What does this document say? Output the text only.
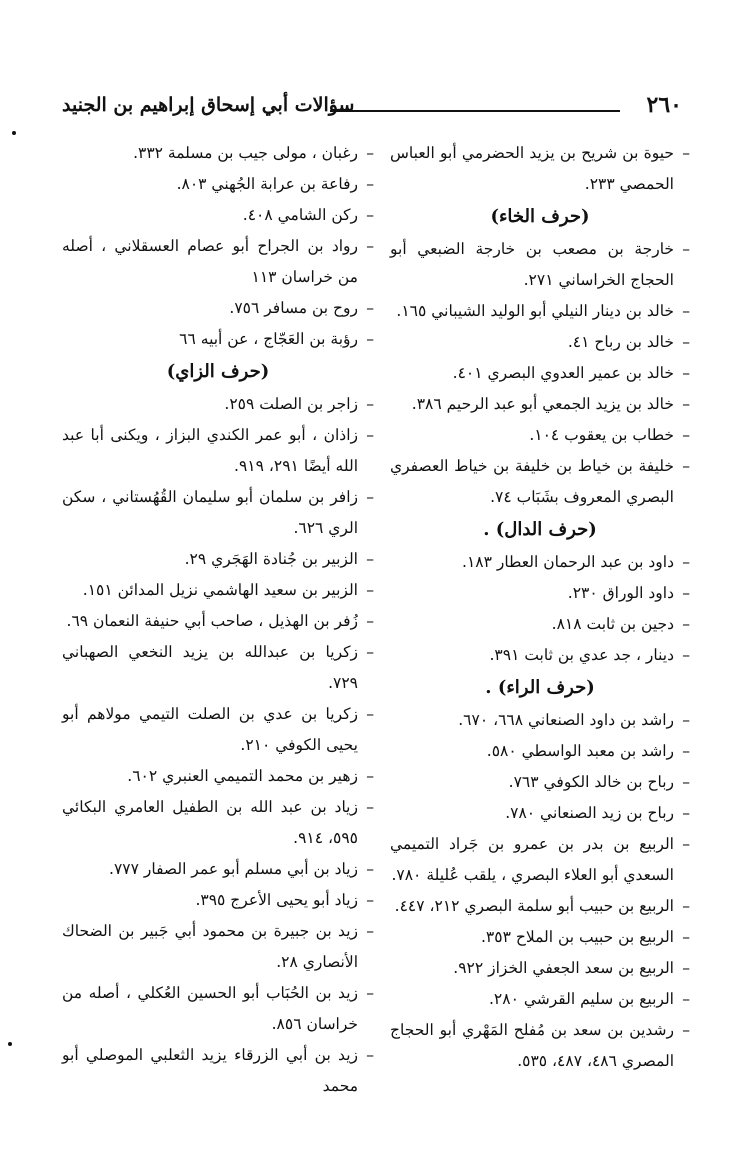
٢٦٠
سؤالات أبي إسحاق إبراهيم بن الجنيد
– حيوة بن شريح بن يزيد الحضرمي أبو العباس الحمصي ٢٣٣.
(حرف الخاء)
– خارجة بن مصعب بن خارجة الضبعي أبو الحجاج الخراساني ٢٧١.
– خالد بن دينار النيلي أبو الوليد الشيباني ١٦٥.
– خالد بن رباح ٤١.
– خالد بن عمير العدوي البصري ٤٠١.
– خالد بن يزيد الجمعي أبو عبد الرحيم ٣٨٦.
– خطاب بن يعقوب ١٠٤.
– خليفة بن خياط بن خليفة بن خياط العصفري البصري المعروف بشَبَاب ٧٤.
(حرف الدال) .
– داود بن عبد الرحمان العطار ١٨٣.
– داود الوراق ٢٣٠.
– دجين بن ثابت ٨١٨.
– دينار ، جد عدي بن ثابت ٣٩١.
(حرف الراء) .
– راشد بن داود الصنعاني ٦٦٨، ٦٧٠.
– راشد بن معبد الواسطي ٥٨٠.
– رباح بن خالد الكوفي ٧٦٣.
– رباح بن زيد الصنعاني ٧٨٠.
– الربيع بن بدر بن عمرو بن جَراد التميمي السعدي أبو العلاء البصري ، يلقب عُليلة ٧٨٠.
– الربيع بن حبيب أبو سلمة البصري ٢١٢، ٤٤٧.
– الربيع بن حبيب بن الملاح ٣٥٣.
– الربيع بن سعد الجعفي الخزاز ٩٢٢.
– الربيع بن سليم القرشي ٢٨٠.
– رشدين بن سعد بن مُفلح المَهْري أبو الحجاج المصري ٤٨٦، ٤٨٧، ٥٣٥.
– رغبان ، مولى جيب بن مسلمة ٣٣٢.
– رفاعة بن عرابة الجُهني ٨٠٣.
– ركن الشامي ٤٠٨.
– رواد بن الجراح أبو عصام العسقلاني ، أصله من خراسان ١١٣
– روح بن مسافر ٧٥٦.
– رؤبة بن العَجّاج ، عن أبيه ٦٦
(حرف الزاي)
– زاجر بن الصلت ٢٥٩.
– زاذان ، أبو عمر الكندي البزاز ، ويكنى أبا عبد الله أيضًا ٢٩١، ٩١٩.
– زافر بن سلمان أبو سليمان القُهُستاني ، سكن الري ٦٢٦.
– الزبير بن جُنادة الهَجَري ٢٩.
– الزبير بن سعيد الهاشمي نزيل المدائن ١٥١.
– زُفر بن الهذيل ، صاحب أبي حنيفة النعمان ٦٩.
– زكريا بن عبدالله بن يزيد النخعي الصهباني ٧٢٩.
– زكريا بن عدي بن الصلت التيمي مولاهم أبو يحيى الكوفي ٢١٠.
– زهير بن محمد التميمي العنبري ٦٠٢.
– زياد بن عبد الله بن الطفيل العامري البكائي ٥٩٥، ٩١٤.
– زياد بن أبي مسلم أبو عمر الصفار ٧٧٧.
– زياد أبو يحيى الأعرج ٣٩٥.
– زيد بن جبيرة بن محمود أبي جَبير بن الضحاك الأنصاري ٢٨.
– زيد بن الحُبَاب أبو الحسين العُكلي ، أصله من خراسان ٨٥٦.
– زيد بن أبي الزرقاء يزيد الثعلبي الموصلي أبو محمد
